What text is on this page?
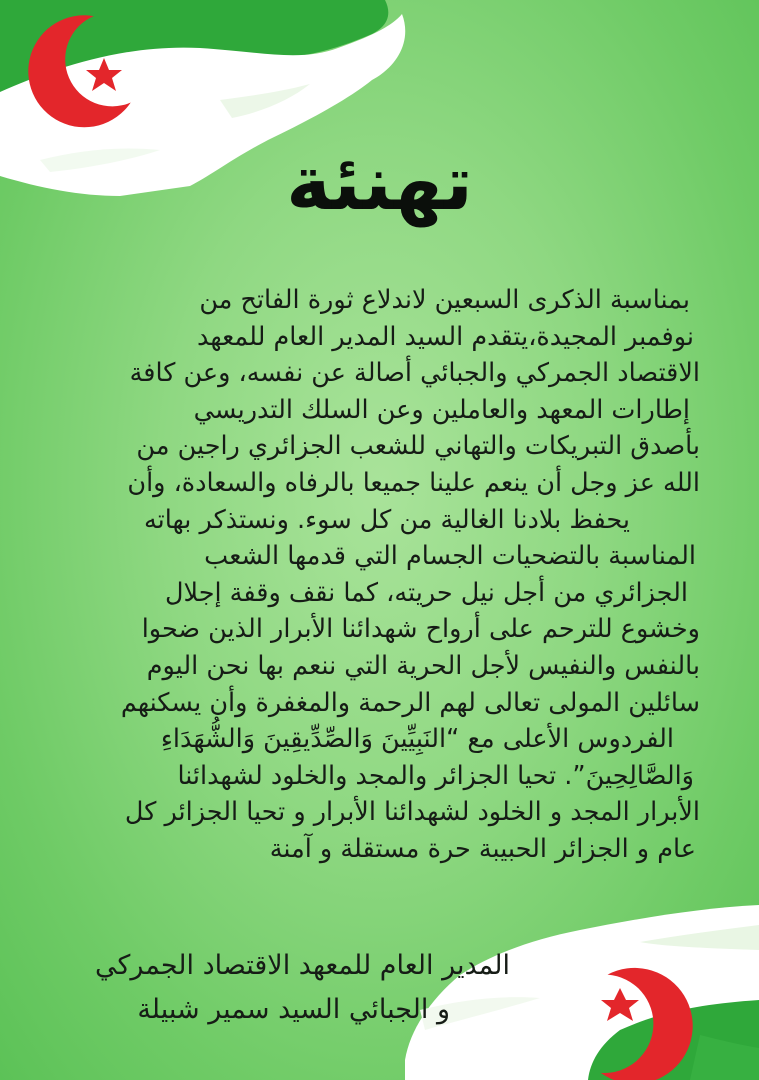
تهنئة
بمناسبة الذكرى السبعين لاندلاع ثورة الفاتح من
نوفمبر المجيدة،يتقدم السيد المدير العام للمعهد
الاقتصاد الجمركي والجبائي أصالة عن نفسه، وعن كافة
إطارات المعهد والعاملين وعن السلك التدريسي
بأصدق التبريكات والتهاني للشعب الجزائري راجين من
الله عز وجل أن ينعم علينا جميعا بالرفاه والسعادة، وأن
يحفظ بلادنا الغالية من كل سوء. ونستذكر بهاته
المناسبة بالتضحيات الجسام التي قدمها الشعب
الجزائري من أجل نيل حريته، كما نقف وقفة إجلال
وخشوع للترحم على أرواح شهدائنا الأبرار الذين ضحوا
بالنفس والنفيس لأجل الحرية التي ننعم بها نحن اليوم
سائلين المولى تعالى لهم الرحمة والمغفرة وأن يسكنهم
الفردوس الأعلى مع “النَبِيِّينَ وَالصِّدِّيقِينَ وَالشُّهَدَاءِ
وَالصَّالِحِينَ”. تحيا الجزائر والمجد والخلود لشهدائنا
الأبرار المجد و الخلود لشهدائنا الأبرار و تحيا الجزائر كل
عام و الجزائر الحبيبة حرة مستقلة و آمنة
المدير العام للمعهد الاقتصاد الجمركي
و الجبائي السيد سمير شبيلة
